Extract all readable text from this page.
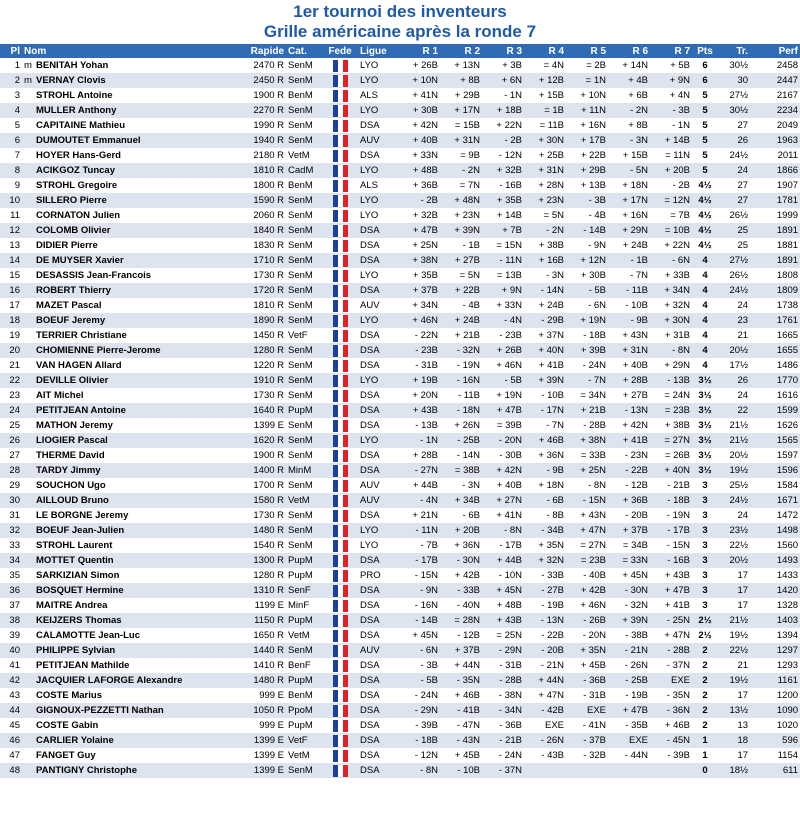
1er tournoi des inventeurs
Grille américaine après la ronde 7
Pl	Nom		Rapide	Cat.	Fede	Ligue	R 1	R 2	R 3	R 4	R 5	R 6	R 7	Pts	Tr.	Perf
1	m	BENITAH Yohan	2470 R	SenM		LYO	+ 26B	+ 13N	+ 3B	= 4N	= 2B	+ 14N	+ 5B	6	30½	2458
2	m	VERNAY Clovis	2450 R	SenM		LYO	+ 10N	+ 8B	+ 6N	+ 12B	= 1N	+ 4B	+ 9N	6	30	2447
3		STROHL Antoine	1900 R	BenM		ALS	+ 41N	+ 29B	- 1N	+ 15B	+ 10N	+ 6B	+ 4N	5	27½	2167
4		MULLER Anthony	2270 R	SenM		LYO	+ 30B	+ 17N	+ 18B	= 1B	+ 11N	- 2N	- 3B	5	30½	2234
5		CAPITAINE Mathieu	1990 R	SenM		DSA	+ 42N	= 15B	+ 22N	= 11B	+ 16N	+ 8B	- 1N	5	27	2049
6		DUMOUTET Emmanuel	1940 R	SenM		AUV	+ 40B	+ 31N	- 2B	+ 30N	+ 17B	- 3N	+ 14B	5	26	1963
7		HOYER Hans-Gerd	2180 R	VetM		DSA	+ 33N	= 9B	- 12N	+ 25B	+ 22B	+ 15B	= 11N	5	24½	2011
8		ACIKGOZ Tuncay	1810 R	CadM		LYO	+ 48B	- 2N	+ 32B	+ 31N	+ 29B	- 5N	+ 20B	5	24	1866
9		STROHL Gregoire	1800 R	BenM		ALS	+ 36B	= 7N	- 16B	+ 28N	+ 13B	+ 18N	- 2B	4½	27	1907
10		SILLERO Pierre	1590 R	SenM		LYO	- 2B	+ 48N	+ 35B	+ 23N	- 3B	+ 17N	= 12N	4½	27	1781
11		CORNATON Julien	2060 R	SenM		LYO	+ 32B	+ 23N	+ 14B	= 5N	- 4B	+ 16N	= 7B	4½	26½	1999
12		COLOMB Olivier	1840 R	SenM		DSA	+ 47B	+ 39N	+ 7B	- 2N	- 14B	+ 29N	= 10B	4½	25	1891
13		DIDIER Pierre	1830 R	SenM		DSA	+ 25N	- 1B	= 15N	+ 38B	- 9N	+ 24B	+ 22N	4½	25	1881
14		DE MUYSER Xavier	1710 R	SenM		DSA	+ 38N	+ 27B	- 11N	+ 16B	+ 12N	- 1B	- 6N	4	27½	1891
15		DESASSIS Jean-Francois	1730 R	SenM		LYO	+ 35B	= 5N	= 13B	- 3N	+ 30B	- 7N	+ 33B	4	26½	1808
16		ROBERT Thierry	1720 R	SenM		DSA	+ 37B	+ 22B	+ 9N	- 14N	- 5B	- 11B	+ 34N	4	24½	1809
17		MAZET Pascal	1810 R	SenM		AUV	+ 34N	- 4B	+ 33N	+ 24B	- 6N	- 10B	+ 32N	4	24	1738
18		BOEUF Jeremy	1890 R	SenM		LYO	+ 46N	+ 24B	- 4N	- 29B	+ 19N	- 9B	+ 30N	4	23	1761
19		TERRIER Christiane	1450 R	VetF		DSA	- 22N	+ 21B	- 23B	+ 37N	- 18B	+ 43N	+ 31B	4	21	1665
20		CHOMIENNE Pierre-Jerome	1280 R	SenM		DSA	- 23B	- 32N	+ 26B	+ 40N	+ 39B	+ 31N	- 8N	4	20½	1655
21		VAN HAGEN Allard	1220 R	SenM		DSA	- 31B	- 19N	+ 46N	+ 41B	- 24N	+ 40B	+ 29N	4	17½	1486
22		DEVILLE Olivier	1910 R	SenM		LYO	+ 19B	- 16N	- 5B	+ 39N	- 7N	+ 28B	- 13B	3½	26	1770
23		AIT Michel	1730 R	SenM		DSA	+ 20N	- 11B	+ 19N	- 10B	= 34N	+ 27B	= 24N	3½	24	1616
24		PETITJEAN Antoine	1640 R	PupM		DSA	+ 43B	- 18N	+ 47B	- 17N	+ 21B	- 13N	= 23B	3½	22	1599
25		MATHON Jeremy	1399 E	SenM		DSA	- 13B	+ 26N	= 39B	- 7N	- 28B	+ 42N	+ 38B	3½	21½	1626
26		LIOGIER Pascal	1620 R	SenM		LYO	- 1N	- 25B	- 20N	+ 46B	+ 38N	+ 41B	= 27N	3½	21½	1565
27		THERME David	1900 R	SenM		DSA	+ 28B	- 14N	- 30B	+ 36N	= 33B	- 23N	= 26B	3½	20½	1597
28		TARDY Jimmy	1400 R	MinM		DSA	- 27N	= 38B	+ 42N	- 9B	+ 25N	- 22B	+ 40N	3½	19½	1596
29		SOUCHON Ugo	1700 R	SenM		AUV	+ 44B	- 3N	+ 40B	+ 18N	- 8N	- 12B	- 21B	3	25½	1584
30		AILLOUD Bruno	1580 R	VetM		AUV	- 4N	+ 34B	+ 27N	- 6B	- 15N	+ 36B	- 18B	3	24½	1671
31		LE BORGNE Jeremy	1730 R	SenM		DSA	+ 21N	- 6B	+ 41N	- 8B	+ 43N	- 20B	- 19N	3	24	1472
32		BOEUF Jean-Julien	1480 R	SenM		LYO	- 11N	+ 20B	- 8N	- 34B	+ 47N	+ 37B	- 17B	3	23½	1498
33		STROHL Laurent	1540 R	SenM		LYO	- 7B	+ 36N	- 17B	+ 35N	= 27N	= 34B	- 15N	3	22½	1560
34		MOTTET Quentin	1300 R	PupM		DSA	- 17B	- 30N	+ 44B	+ 32N	= 23B	= 33N	- 16B	3	20½	1493
35		SARKIZIAN Simon	1280 R	PupM		PRO	- 15N	+ 42B	- 10N	- 33B	- 40B	+ 45N	+ 43B	3	17	1433
36		BOSQUET Hermine	1310 R	SenF		DSA	- 9N	- 33B	+ 45N	- 27B	+ 42B	- 30N	+ 47B	3	17	1420
37		MAITRE Andrea	1199 E	MinF		DSA	- 16N	- 40N	+ 48B	- 19B	+ 46N	- 32N	+ 41B	3	17	1328
38		KEIJZERS Thomas	1150 R	PupM		DSA	- 14B	= 28N	+ 43B	- 13N	- 26B	+ 39N	- 25N	2½	21½	1403
39		CALAMOTTE Jean-Luc	1650 R	VetM		DSA	+ 45N	- 12B	= 25N	- 22B	- 20N	- 38B	+ 47N	2½	19½	1394
40		PHILIPPE Sylvian	1440 R	SenM		AUV	- 6N	+ 37B	- 29N	- 20B	+ 35N	- 21N	- 28B	2	22½	1297
41		PETITJEAN Mathilde	1410 R	BenF		DSA	- 3B	+ 44N	- 31B	- 21N	+ 45B	- 26N	- 37N	2	21	1293
42		JACQUIER LAFORGE Alexandre	1480 R	PupM		DSA	- 5B	- 35N	- 28B	+ 44N	- 36B	- 25B	EXE	2	19½	1161
43		COSTE Marius	999 E	BenM		DSA	- 24N	+ 46B	- 38N	+ 47N	- 31B	- 19B	- 35N	2	17	1200
44		GIGNOUX-PEZZETTI Nathan	1050 R	PpoM		DSA	- 29N	- 41B	- 34N	- 42B	EXE	+ 47B	- 36N	2	13½	1090
45		COSTE Gabin	999 E	PupM		DSA	- 39B	- 47N	- 36B	EXE	- 41N	- 35B	+ 46B	2	13	1020
46		CARLIER Yolaine	1399 E	VetF		DSA	- 18B	- 43N	- 21B	- 26N	- 37B	EXE	- 45N	1	18	596
47		FANGET Guy	1399 E	VetM		DSA	- 12N	+ 45B	- 24N	- 43B	- 32B	- 44N	- 39B	1	17	1154
48		PANTIGNY Christophe	1399 E	SenM		DSA	- 8N	- 10B	- 37N					0	18½	611
